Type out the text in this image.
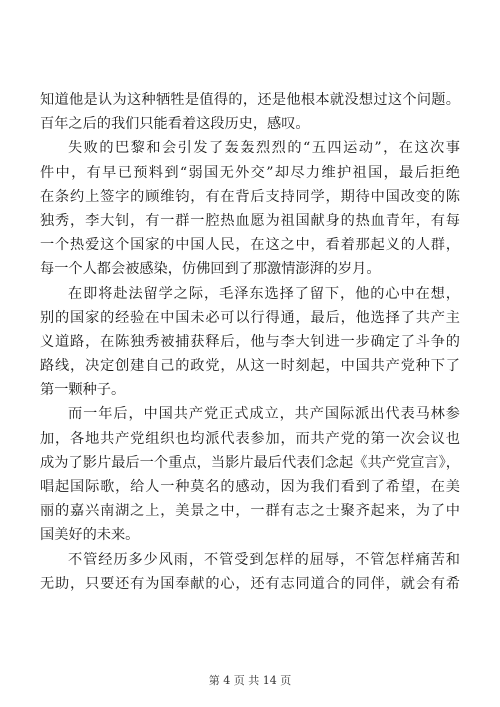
知道他是认为这种牺牲是值得的，还是他根本就没想过这个问题。
百年之后的我们只能看着这段历史，感叹。
失败的巴黎和会引发了轰轰烈烈的“五四运动”，在这次事
件中，有早已预料到“弱国无外交”却尽力维护祖国，最后拒绝
在条约上签字的顾维钧，有在背后支持同学，期待中国改变的陈
独秀，李大钊，有一群一腔热血愿为祖国献身的热血青年，有每
一个热爱这个国家的中国人民，在这之中，看着那起义的人群，
每一个人都会被感染，仿佛回到了那激情澎湃的岁月。
在即将赴法留学之际，毛泽东选择了留下，他的心中在想，
别的国家的经验在中国未必可以行得通，最后，他选择了共产主
义道路，在陈独秀被捕获释后，他与李大钊进一步确定了斗争的
路线，决定创建自己的政党，从这一时刻起，中国共产党种下了
第一颗种子。
而一年后，中国共产党正式成立，共产国际派出代表马林参
加，各地共产党组织也均派代表参加，而共产党的第一次会议也
成为了影片最后一个重点，当影片最后代表们念起《共产党宣言》，
唱起国际歌，给人一种莫名的感动，因为我们看到了希望，在美
丽的嘉兴南湖之上，美景之中，一群有志之士聚齐起来，为了中
国美好的未来。
不管经历多少风雨，不管受到怎样的屈辱，不管怎样痛苦和
无助，只要还有为国奉献的心，还有志同道合的同伴，就会有希
第 4 页 共 14 页
